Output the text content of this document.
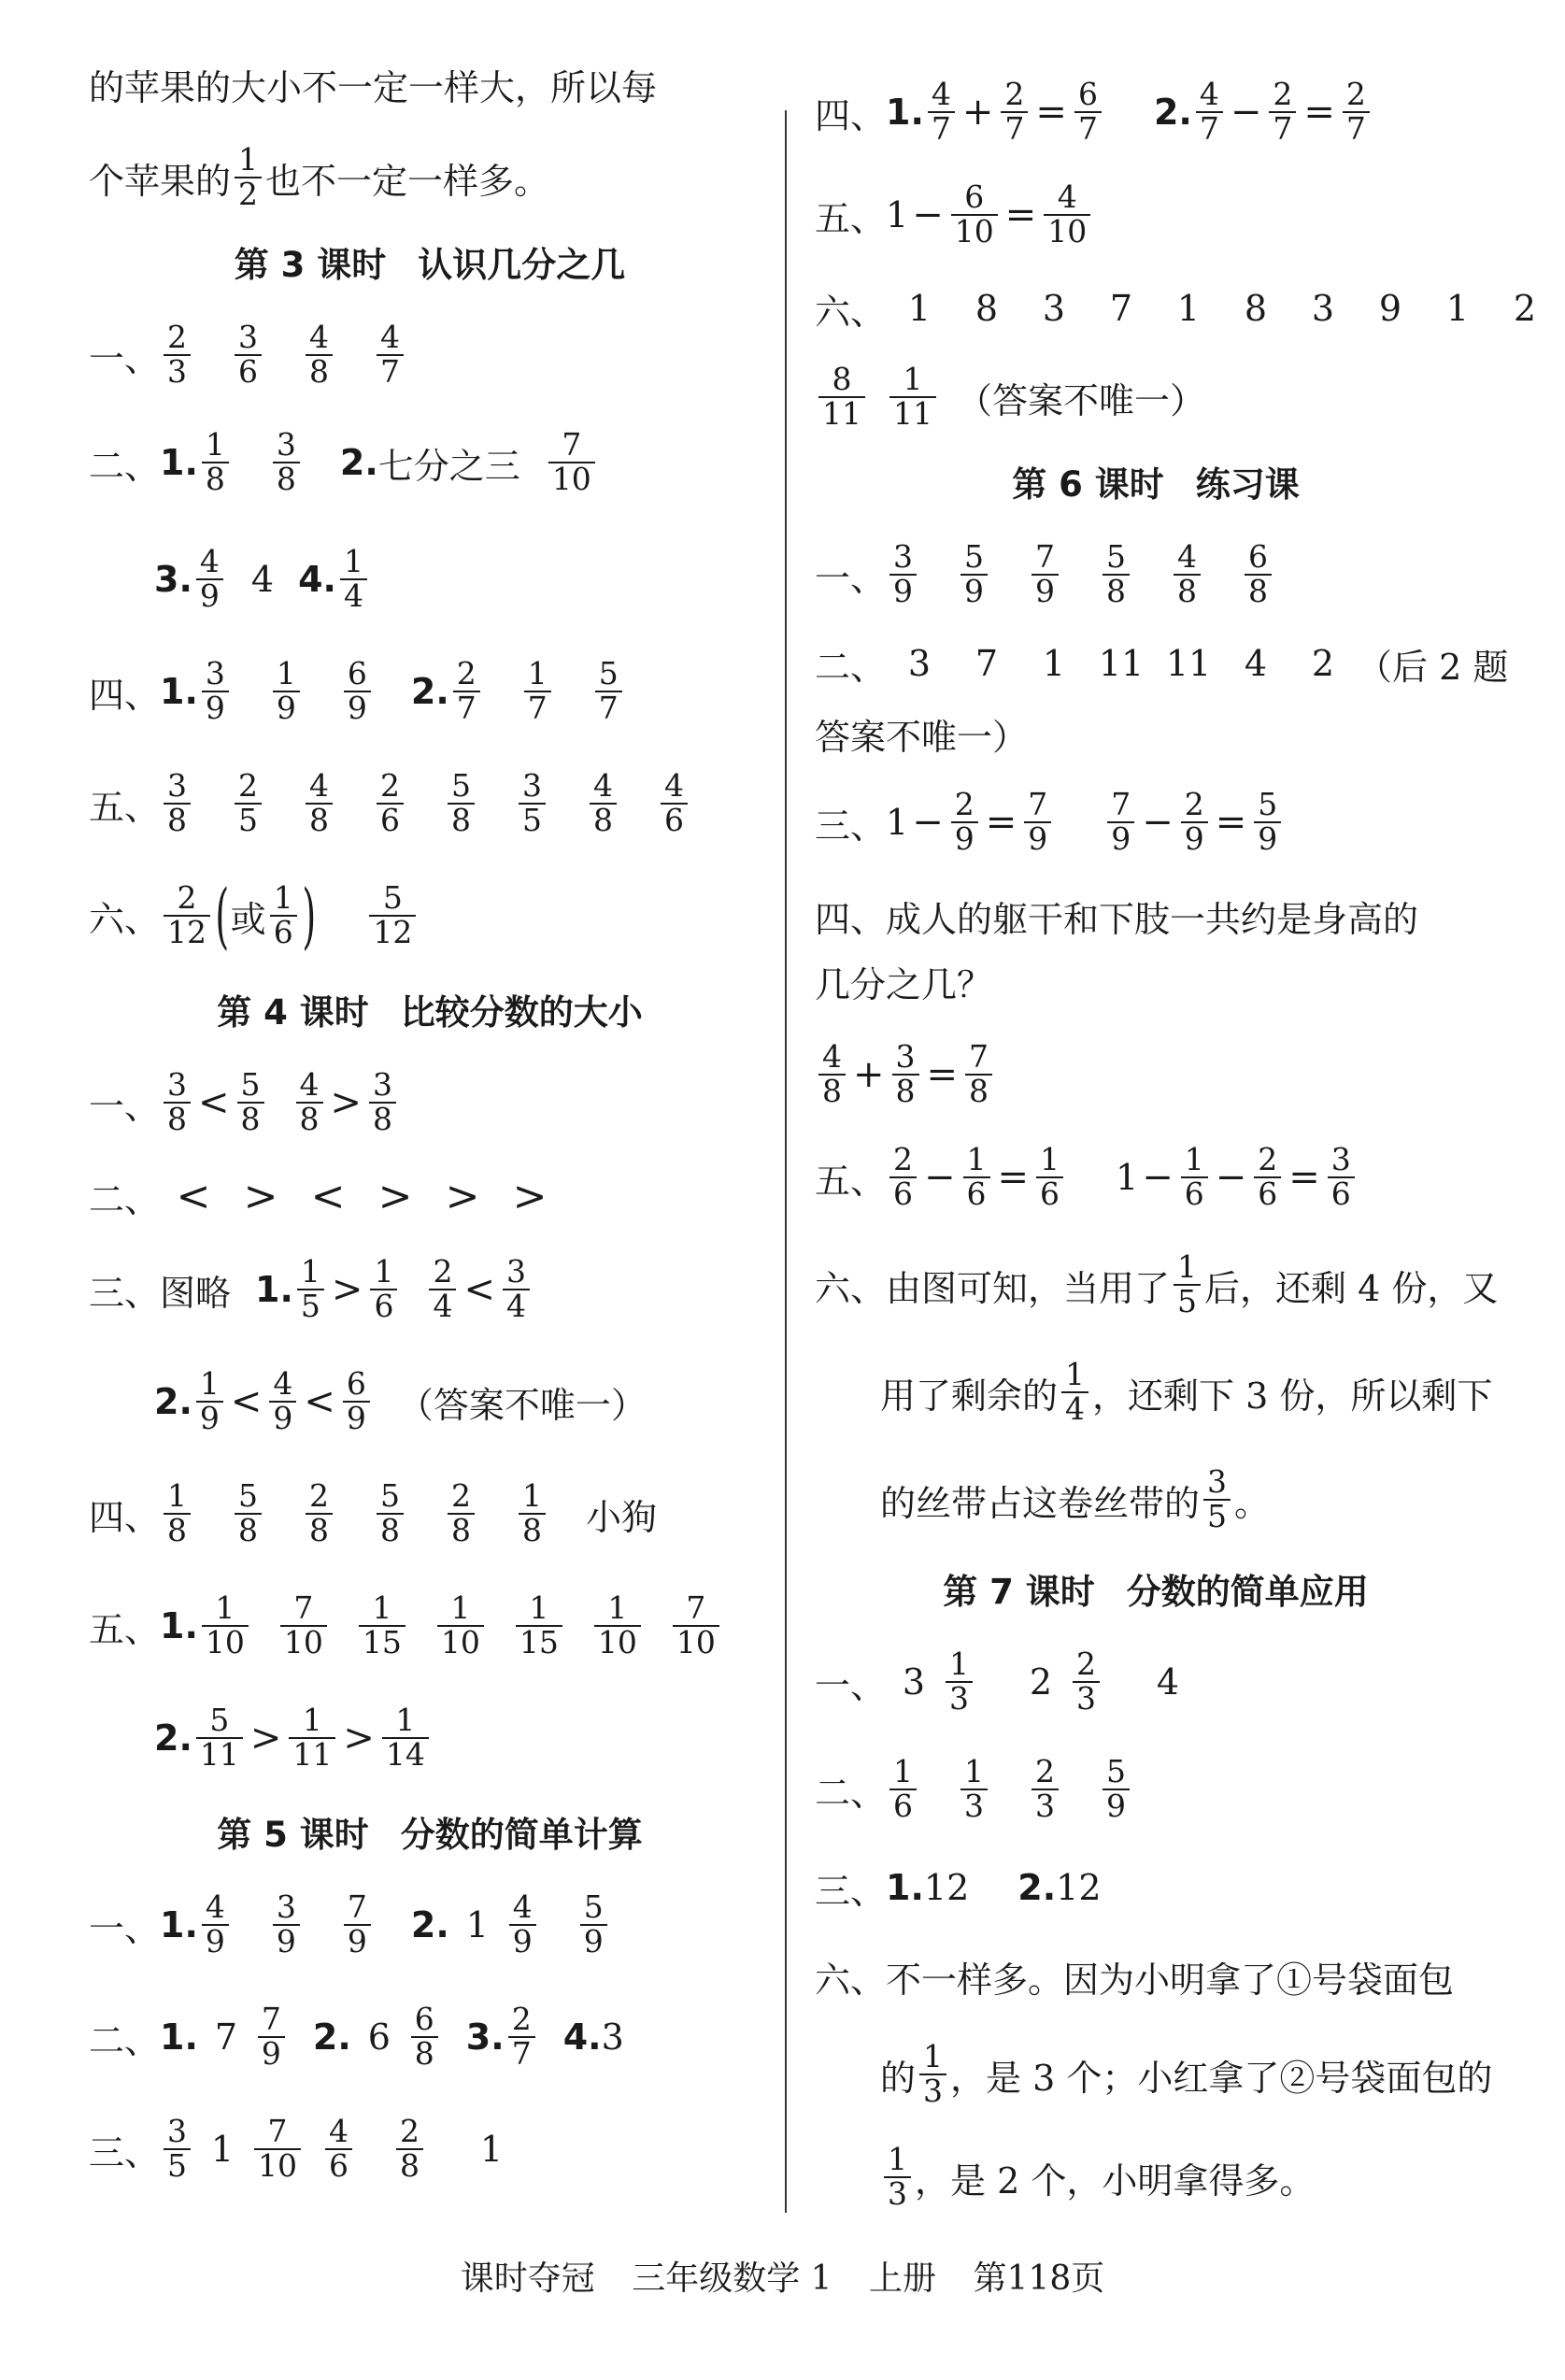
的苹果的大小不一定一样大，所以每
个苹果的 $\frac{1}{2}$ 也不一定一样多。
第 3 课时 认识几分之几
一、 $\frac{2}{3} \frac{3}{6} \frac{4}{8} \frac{4}{7}$
二、 1. $\frac{1}{8} \frac{3}{8} 2$. 七分之三 $\frac{7}{10}$
3. $\frac{4}{9} 4$ 4. $\frac{1}{4}$
四、 1. $\frac{3}{9} \frac{1}{9} \frac{6}{9} 2$. $\frac{2}{7} \frac{1}{7} \frac{5}{7}$
五、 $\frac{3}{8} \frac{2}{5} \frac{4}{8} \frac{2}{6} \frac{5}{8} \frac{3}{5} \frac{4}{8} \frac{4}{6}$
六、 $\frac{2}{12}$ ( 或 $\frac{1}{6}$ ) $\frac{5}{12}$
第 4 课时 比较分数的大小
一、 $\frac{3}{8} < \frac{5}{8} \frac{4}{8} > \frac{3}{8}$
二、 < > < > > >
三、 图略 1. $\frac{1}{5} > \frac{1}{6} \frac{2}{4} < \frac{3}{4}$
2. $\frac{1}{9} < \frac{4}{9} < \frac{6}{9}$ （答案不唯一）
四、 $\frac{1}{8} \frac{5}{8} \frac{2}{8} \frac{5}{8} \frac{2}{8} \frac{1}{8}$ 小狗
五、 1. $\frac{1}{10} \frac{7}{10} \frac{1}{15} \frac{1}{10} \frac{1}{15} \frac{1}{10} \frac{7}{10}$
2. $\frac{5}{11} > \frac{1}{11} > \frac{1}{14}$
第 5 课时 分数的简单计算
一、 1. $\frac{4}{9} \frac{3}{9} \frac{7}{9} 2$. $1 \frac{4}{9} \frac{5}{9}$
二、 1. $7 \frac{7}{9} 2$. $6 \frac{6}{8} 3$. $\frac{2}{7} 4$. 3
三、 $\frac{3}{5} 1 \frac{7}{10} \frac{4}{6} \frac{2}{8}$	1
四、 1. $\frac{4}{7} + \frac{2}{7} = \frac{6}{7} 2$. $\frac{4}{7} - \frac{2}{7} = \frac{2}{7}$
五、 $1 - \frac{6}{10} = \frac{4}{10}$
六、 1	8	3	7	1	8	3	9	1	2
$\frac{8}{11} \frac{1}{11}$ （答案不唯一）
第 6 课时 练习课
一、 $\frac{3}{9} \frac{5}{9} \frac{7}{9} \frac{5}{8} \frac{4}{8} \frac{6}{8}$
二、 3	7	1 11 11 4	2 （后 2 题
答案不唯一）
三、 $1 - \frac{2}{9} = \frac{7}{9} \frac{7}{9} - \frac{2}{9} = \frac{5}{9}$
四、 成人的躯干和下肢一共约是身高的
几分之几？
$\frac{4}{8} + \frac{3}{8} = \frac{7}{8}$
五、 $\frac{2}{6} - \frac{1}{6} = \frac{1}{6} 1 - \frac{1}{6} - \frac{2}{6} = \frac{3}{6}$
六、 由图可知，当用了 $\frac{1}{5}$ 后，还剩 4 份，又
用了剩余的 $\frac{1}{4}$ ，还剩下 3 份，所以剩下
的丝带占这卷丝带的 $\frac{3}{5}$ 。
第 7 课时 分数的简单应用
一、 $3 \frac{1}{3}$	$2 \frac{2}{3}$	4
二、 $\frac{1}{6} \frac{1}{3} \frac{2}{3} \frac{5}{9}$
三、 1. 12 2. 12
六、 不一样多。因为小明拿了①号袋面包
的 $\frac{1}{3}$ ，是 3 个；小红拿了②号袋面包的
$\frac{1}{3}$ ，是 2 个，小明拿得多。
课时夺冠 三年级数学 1 上册 第118页
